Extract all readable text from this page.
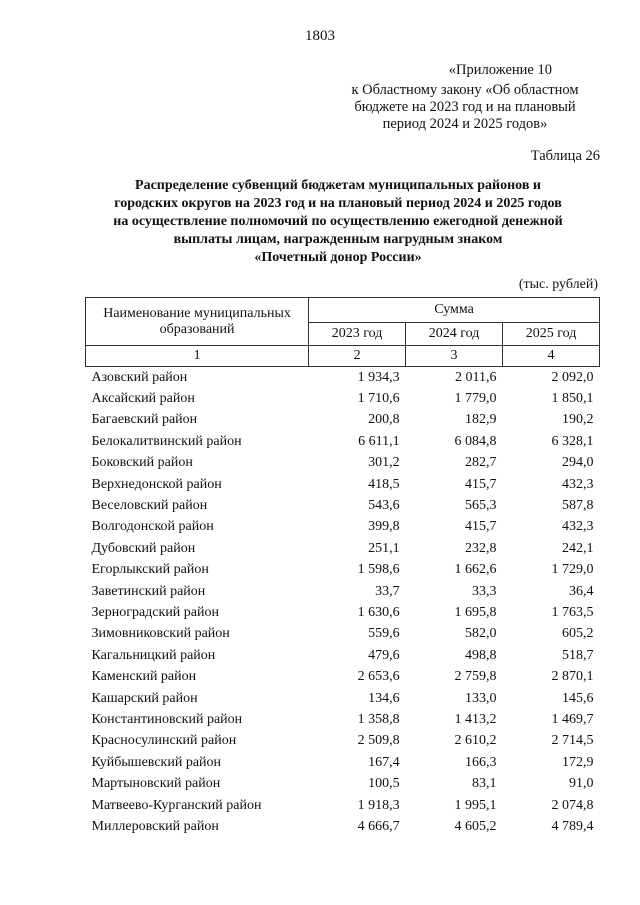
1803
«Приложение 10
к Областному закону «Об областном
бюджете на 2023 год и на плановый
период 2024 и 2025 годов»
Таблица 26
Распределение субвенций бюджетам муниципальных районов и
городских округов на 2023 год и на плановый период 2024 и 2025 годов
на осуществление полномочий по осуществлению ежегодной денежной
выплаты лицам, награжденным нагрудным знаком
«Почетный донор России»
(тыс. рублей)
Наименование муниципальных образований	Сумма		
	2023 год	2024 год	2025 год
1	2	3	4
Азовский район	1 934,3	2 011,6	2 092,0
Аксайский район	1 710,6	1 779,0	1 850,1
Багаевский район	200,8	182,9	190,2
Белокалитвинский район	6 611,1	6 084,8	6 328,1
Боковский район	301,2	282,7	294,0
Верхнедонской район	418,5	415,7	432,3
Веселовский район	543,6	565,3	587,8
Волгодонской район	399,8	415,7	432,3
Дубовский район	251,1	232,8	242,1
Егорлыкский район	1 598,6	1 662,6	1 729,0
Заветинский район	33,7	33,3	36,4
Зерноградский район	1 630,6	1 695,8	1 763,5
Зимовниковский район	559,6	582,0	605,2
Кагальницкий район	479,6	498,8	518,7
Каменский район	2 653,6	2 759,8	2 870,1
Кашарский район	134,6	133,0	145,6
Константиновский район	1 358,8	1 413,2	1 469,7
Красносулинский район	2 509,8	2 610,2	2 714,5
Куйбышевский район	167,4	166,3	172,9
Мартыновский район	100,5	83,1	91,0
Матвеево-Курганский район	1 918,3	1 995,1	2 074,8
Миллеровский район	4 666,7	4 605,2	4 789,4
